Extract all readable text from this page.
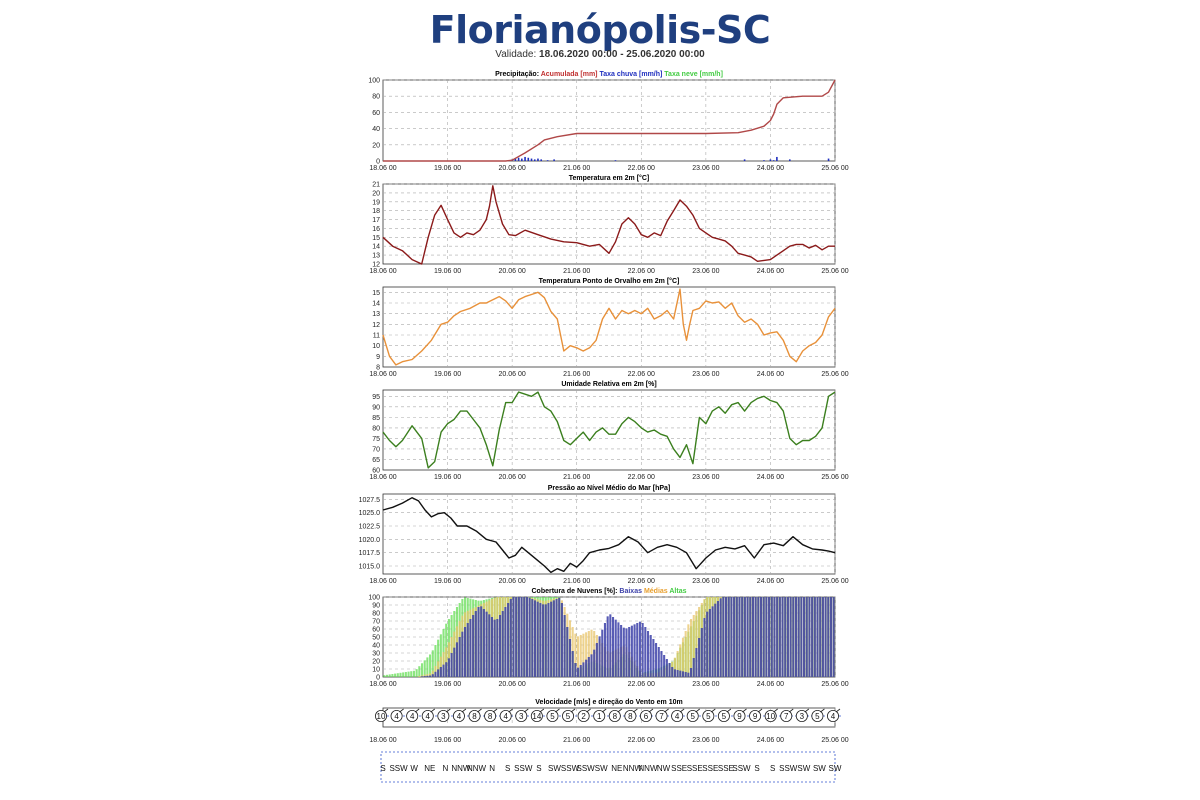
Florianópolis-SC
Validade: 18.06.2020 00:00 - 25.06.2020 00:00
Precipitação: Acumulada [mm] Taxa chuva [mm/h] Taxa neve [mm/h]
18.06 00	19.06 00	20.06 00	21.06 00	22.06 00	23.06 00	24.06 00	25.06 00
0
20
40
60
80
100
Temperatura em 2m [°C]
18.06 00	19.06 00	20.06 00	21.06 00	22.06 00	23.06 00	24.06 00	25.06 00
12
13
14
15
16
17
18
19
20
21
Temperatura Ponto de Orvalho em 2m [°C]
18.06 00	19.06 00	20.06 00	21.06 00	22.06 00	23.06 00	24.06 00	25.06 00
8
9
10
11
12
13
14
15
Umidade Relativa em 2m [%]
18.06 00	19.06 00	20.06 00	21.06 00	22.06 00	23.06 00	24.06 00	25.06 00
60
65
70
75
80
85
90
95
Pressão ao Nível Médio do Mar [hPa]
18.06 00	19.06 00	20.06 00	21.06 00	22.06 00	23.06 00	24.06 00	25.06 00
1015.0
1017.5
1020.0
1022.5
1025.0
1027.5
Cobertura de Nuvens [%]: Baixas Médias Altas
18.06 00	19.06 00	20.06 00	21.06 00	22.06 00	23.06 00	24.06 00	25.06 00
0
10
20
30
40
50
60
70
80
90
100
Velocidade [m/s] e direção do Vento em 10m
18.06 00	19.06 00	20.06 00	21.06 00	22.06 00	23.06 00	24.06 00	25.06 00
10 4 4 4 3 4 8 8 4 3 14 5 5 2 1 8 8 6 7 4 5 5 5 9 9 10 7 3 5 4
S SSW W NE N NNW
NNW N S SSW S SW SSW
SSW SW NE NNW
NNW NW SSE SSE SSE SSE
SSW S S SSW SW SW SW
